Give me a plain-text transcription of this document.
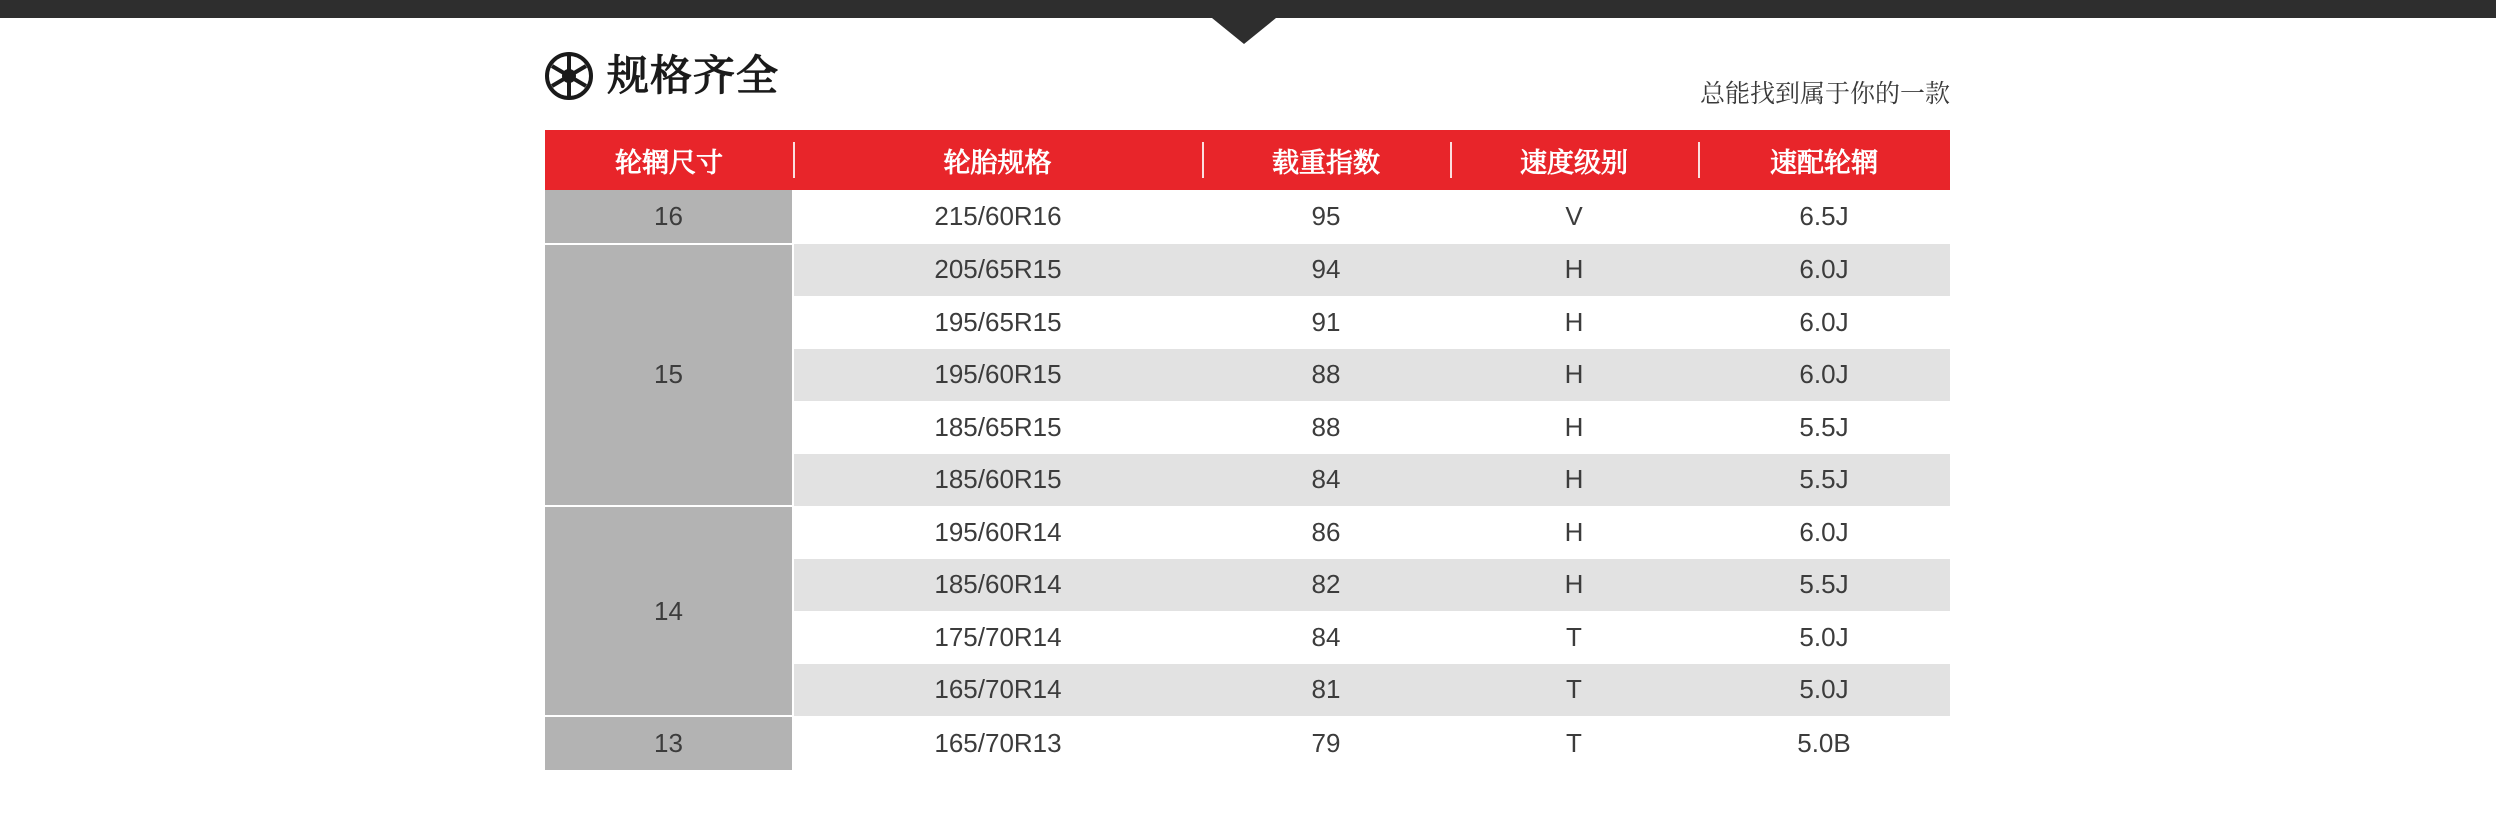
规格齐全	总能找到属于你的一款
轮辋尺寸	轮胎规格	载重指数	速度级别	速配轮辋
16	215/60R16	95	V	6.5J
15	205/65R15	94	H	6.0J
	195/65R15	91	H	6.0J
	195/60R15	88	H	6.0J
	185/65R15	88	H	5.5J
	185/60R15	84	H	5.5J
14	195/60R14	86	H	6.0J
	185/60R14	82	H	5.5J
	175/70R14	84	T	5.0J
	165/70R14	81	T	5.0J
13	165/70R13	79	T	5.0B
